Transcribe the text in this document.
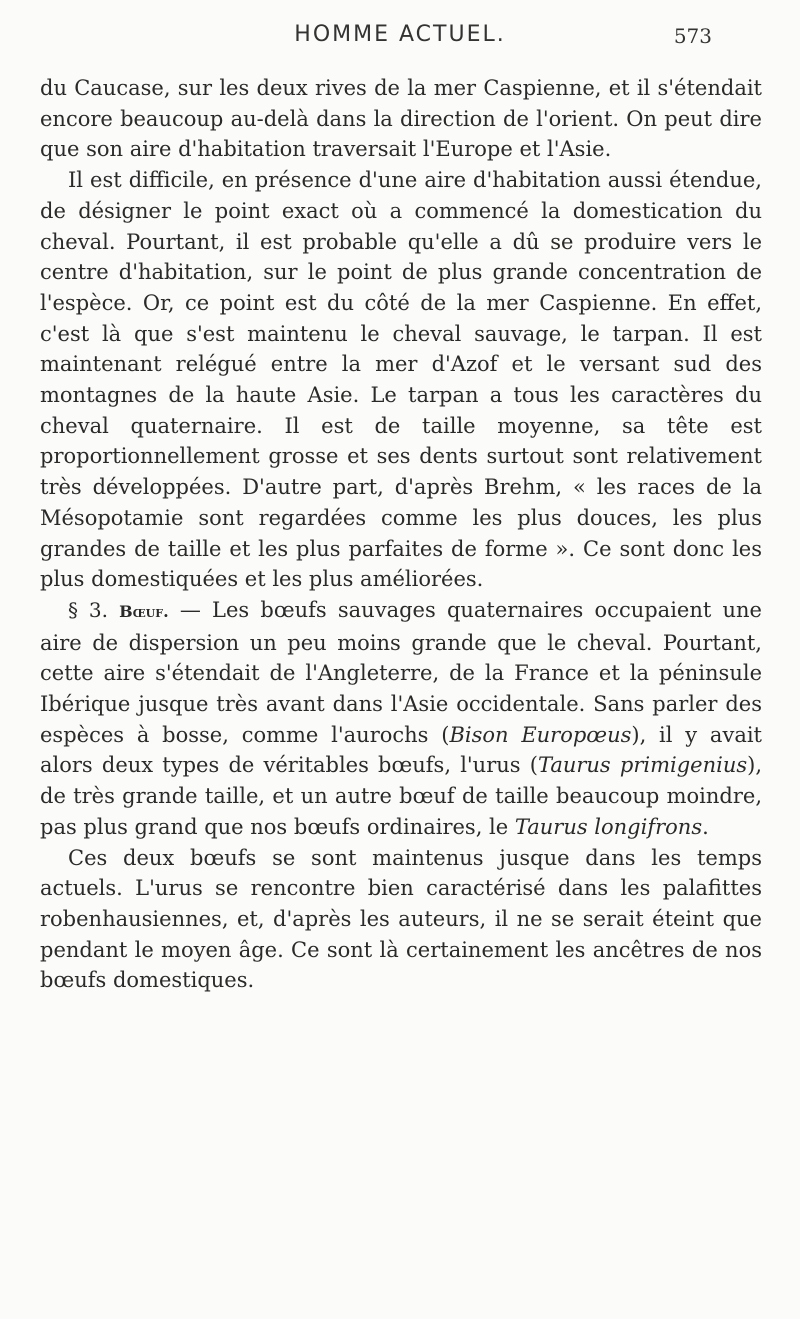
HOMME ACTUEL.	573

du Caucase, sur les deux rives de la mer Caspienne, et il s'étendait encore beaucoup au-delà dans la direction de l'orient. On peut dire que son aire d'habitation traversait l'Europe et l'Asie.

Il est difficile, en présence d'une aire d'habitation aussi étendue, de désigner le point exact où a commencé la domestication du cheval. Pourtant, il est probable qu'elle a dû se produire vers le centre d'habitation, sur le point de plus grande concentration de l'espèce. Or, ce point est du côté de la mer Caspienne. En effet, c'est là que s'est maintenu le cheval sauvage, le tarpan. Il est maintenant relégué entre la mer d'Azof et le versant sud des montagnes de la haute Asie. Le tarpan a tous les caractères du cheval quaternaire. Il est de taille moyenne, sa tête est proportionnellement grosse et ses dents surtout sont relativement très développées. D'autre part, d'après Brehm, « les races de la Mésopotamie sont regardées comme les plus douces, les plus grandes de taille et les plus parfaites de forme ». Ce sont donc les plus domestiquées et les plus améliorées.

§ 3. Bœuf. — Les bœufs sauvages quaternaires occupaient une aire de dispersion un peu moins grande que le cheval. Pourtant, cette aire s'étendait de l'Angleterre, de la France et la péninsule Ibérique jusque très avant dans l'Asie occidentale. Sans parler des espèces à bosse, comme l'aurochs (Bison Europœus), il y avait alors deux types de véritables bœufs, l'urus (Taurus primigenius), de très grande taille, et un autre bœuf de taille beaucoup moindre, pas plus grand que nos bœufs ordinaires, le Taurus longifrons.

Ces deux bœufs se sont maintenus jusque dans les temps actuels. L'urus se rencontre bien caractérisé dans les palafittes robenhausiennes, et, d'après les auteurs, il ne se serait éteint que pendant le moyen âge. Ce sont là certainement les ancêtres de nos bœufs domestiques.
